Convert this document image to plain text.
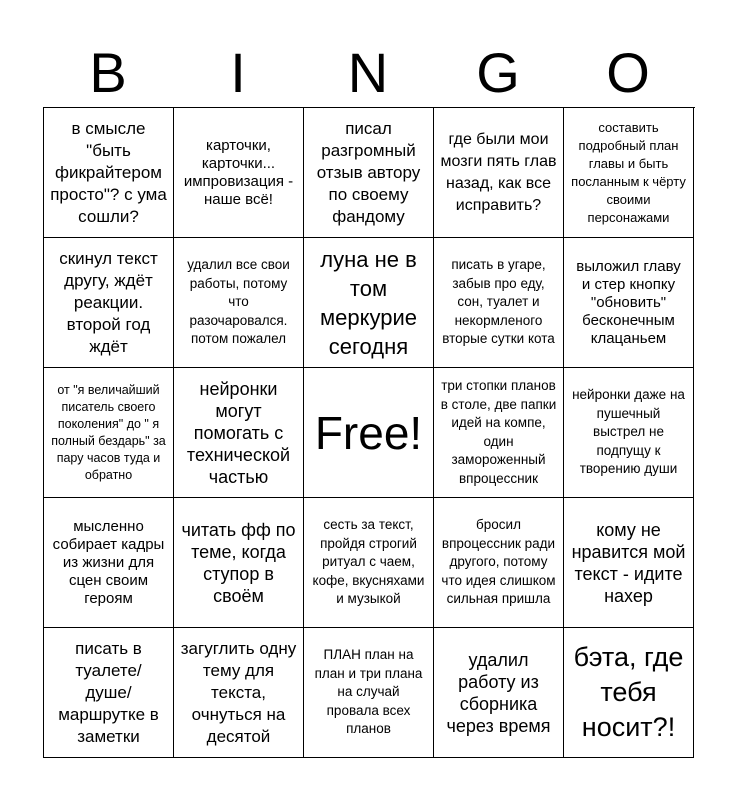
B	I	N	G	O
в смысле "быть фикрайтером просто"? с ума сошли?
карточки, карточки... импровизация - наше всё!
писал разгромный отзыв автору по своему фандому
где были мои мозги пять глав назад, как все исправить?
составить подробный план главы и быть посланным к чёрту своими персонажами
скинул текст другу, ждёт реакции. второй год ждёт
удалил все свои работы, потому что разочаровался. потом пожалел
луна не в том меркурие сегодня
писать в угаре, забыв про еду, сон, туалет и некормленого вторые сутки кота
выложил главу и стер кнопку "обновить" бесконечным клацаньем
от "я величайший писатель своего поколения" до " я полный бездарь" за пару часов туда и обратно
нейронки могут помогать с технической частью
Free!
три стопки планов в столе, две папки идей на компе, один замороженный впроцессник
нейронки даже на пушечный выстрел не подпущу к творению души
мысленно собирает кадры из жизни для сцен своим героям
читать фф по теме, когда ступор в своём
сесть за текст, пройдя строгий ритуал с чаем, кофе, вкусняхами и музыкой
бросил впроцессник ради другого, потому что идея слишком сильная пришла
кому не нравится мой текст - идите нахер
писать в туалете/ душе/ маршрутке в заметки
загуглить одну тему для текста, очнуться на десятой
ПЛАН план на план и три плана на случай провала всех планов
удалил работу из сборника через время
бэта, где тебя носит?!
